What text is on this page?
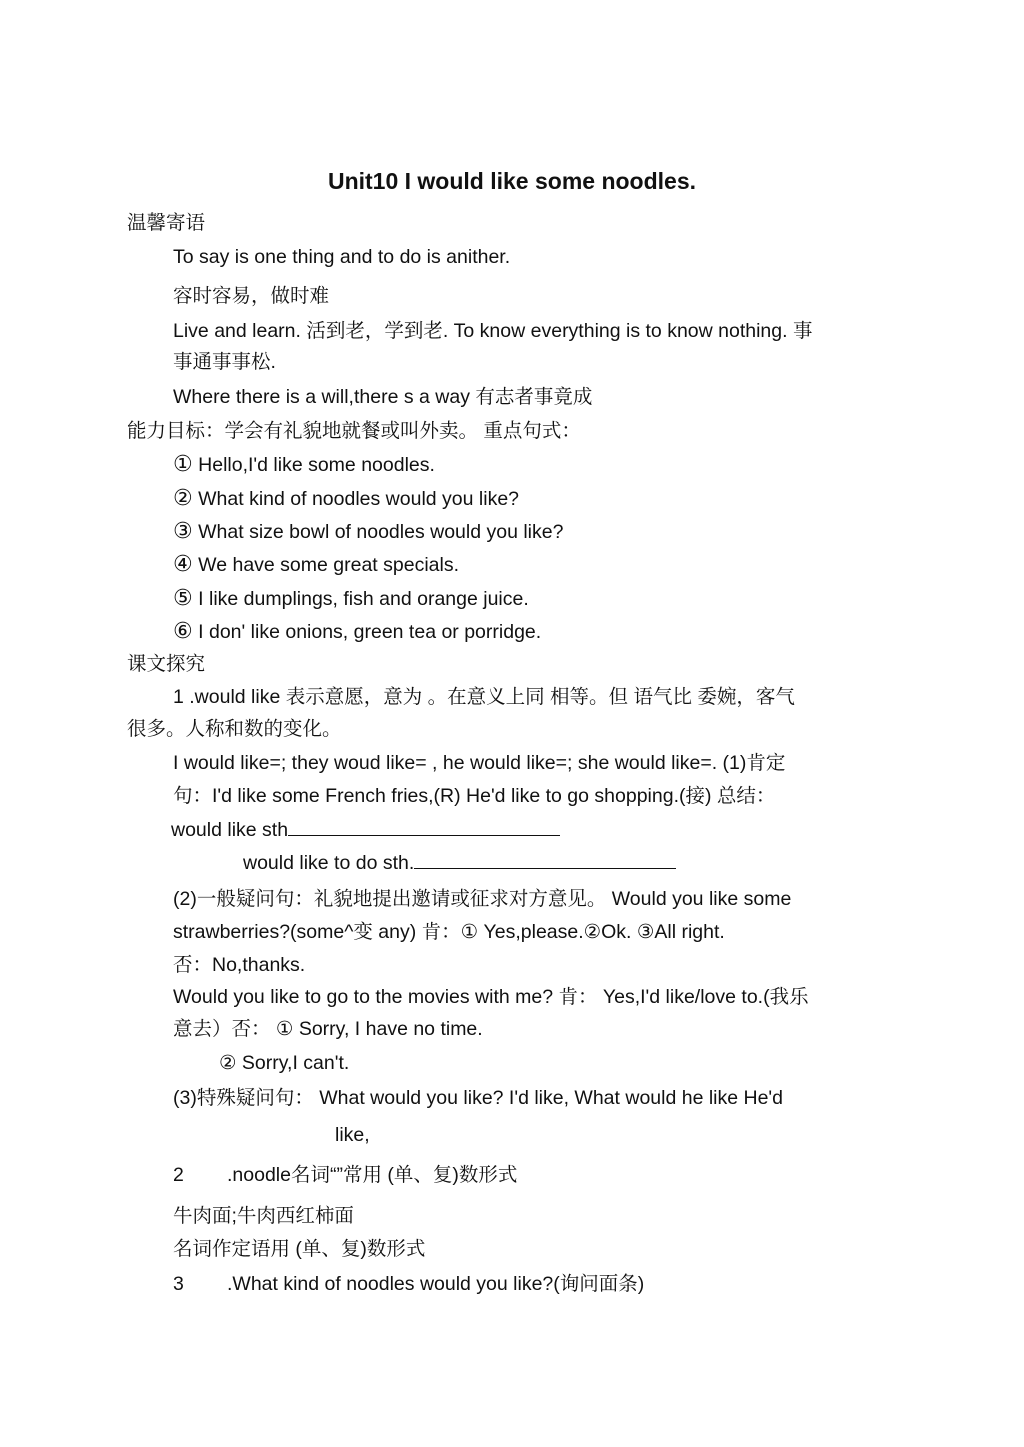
Unit10 I would like some noodles.
温馨寄语
To say is one thing and to do is anither.
容时容易，做时难
Live and learn. 活到老，学到老. To know everything is to know nothing. 事
事通事事松.
Where there is a will,there s a way 有志者事竟成
能力目标：学会有礼貌地就餐或叫外卖。 重点句式：
① Hello,I'd like some noodles.
② What kind of noodles would you like?
③ What size bowl of noodles would you like?
④ We have some great specials.
⑤ I like dumplings, fish and orange juice.
⑥ I don' like onions, green tea or porridge.
课文探究
1 .would like 表示意愿，意为 。在意义上同 相等。但 语气比 委婉，客气
很多。人称和数的变化。
I would like=; they woud like= , he would like=; she would like=. (1)肯定
句：I'd like some French fries,(R) He'd like to go shopping.(接) 总结：
would like sth
would like to do sth.
(2)一般疑问句：礼貌地提出邀请或征求对方意见。 Would you like some
strawberries?(some^变 any) 肯：① Yes,please.②Ok. ③All right.
否：No,thanks.
Would you like to go to the movies with me? 肯： Yes,I'd like/love to.(我乐
意去）否： ① Sorry, I have no time.
② Sorry,I can't.
(3)特殊疑问句： What would you like? I'd like, What would he like He'd
like,
2 .noodle名词“”常用 (单、复)数形式
牛肉面;牛肉西红柿面
名词作定语用 (单、复)数形式
3 .What kind of noodles would you like?(询问面条)
